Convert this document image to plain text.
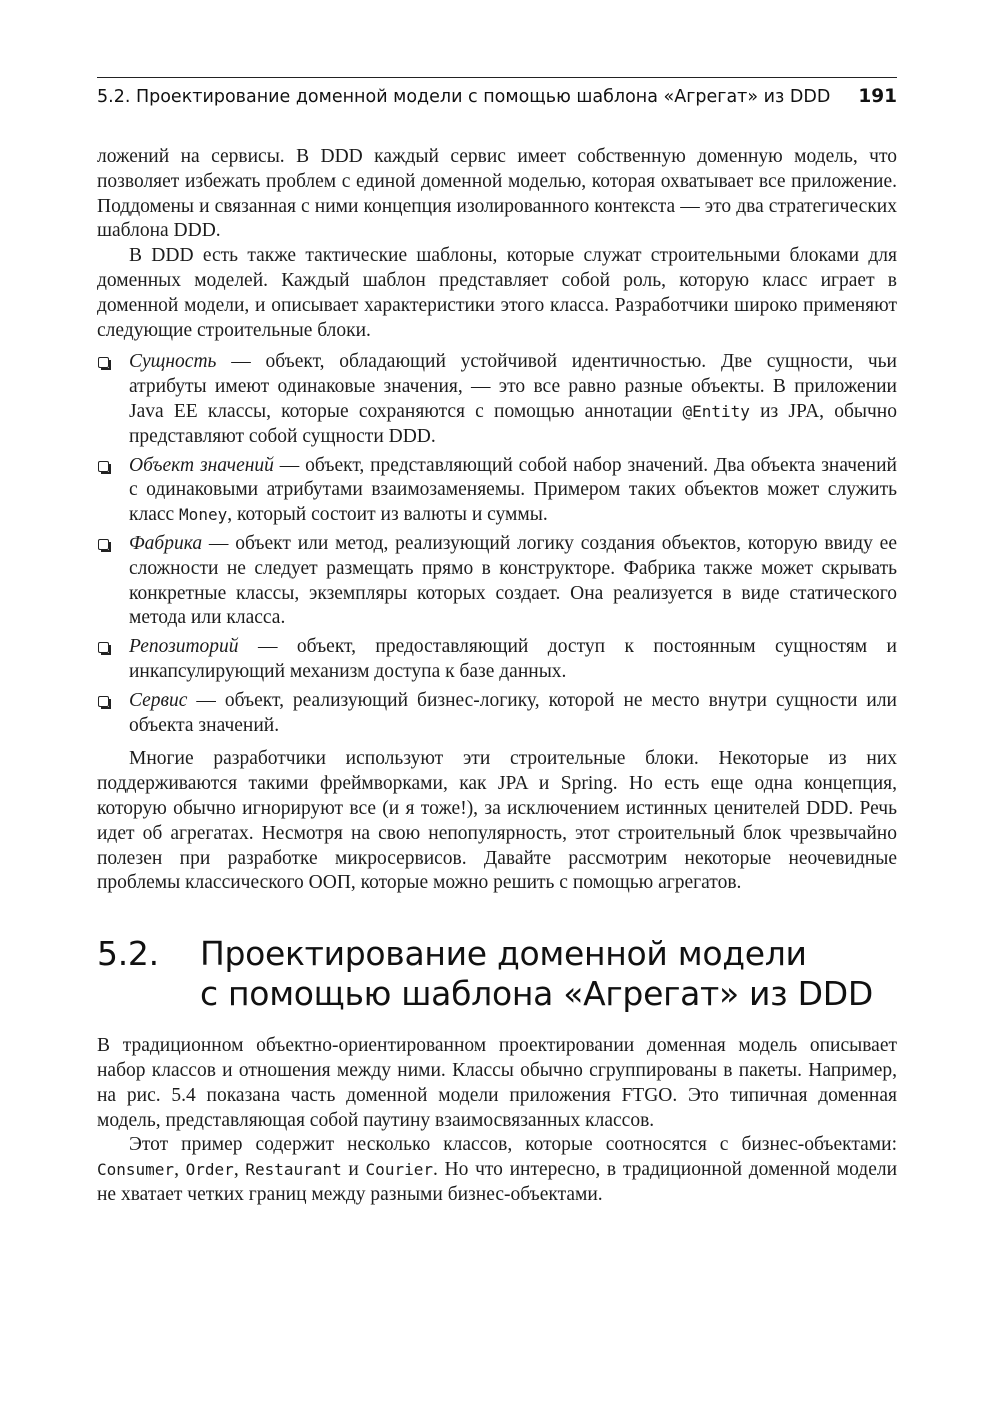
5.2. Проектирование доменной модели с помощью шаблона «Агрегат» из DDD 191

ложений на сервисы. В DDD каждый сервис имеет собственную доменную модель, что позволяет избежать проблем с единой доменной моделью, которая охватывает все приложение. Поддомены и связанная с ними концепция изолированного контекста — это два стратегических шаблона DDD.

В DDD есть также тактические шаблоны, которые служат строительными блоками для доменных моделей. Каждый шаблон представляет собой роль, которую класс играет в доменной модели, и описывает характеристики этого класса. Разработчики широко применяют следующие строительные блоки.

Сущность — объект, обладающий устойчивой идентичностью. Две сущности, чьи атрибуты имеют одинаковые значения, — это все равно разные объекты. В приложении Java EE классы, которые сохраняются с помощью аннотации @Entity из JPA, обычно представляют собой сущности DDD.
Объект значений — объект, представляющий собой набор значений. Два объекта значений с одинаковыми атрибутами взаимозаменяемы. Примером таких объектов может служить класс Money, который состоит из валюты и суммы.
Фабрика — объект или метод, реализующий логику создания объектов, которую ввиду ее сложности не следует размещать прямо в конструкторе. Фабрика также может скрывать конкретные классы, экземпляры которых создает. Она реализуется в виде статического метода или класса.
Репозиторий — объект, предоставляющий доступ к постоянным сущностям и инкапсулирующий механизм доступа к базе данных.
Сервис — объект, реализующий бизнес-логику, которой не место внутри сущности или объекта значений.

Многие разработчики используют эти строительные блоки. Некоторые из них поддерживаются такими фреймворками, как JPA и Spring. Но есть еще одна концепция, которую обычно игнорируют все (и я тоже!), за исключением истинных ценителей DDD. Речь идет об агрегатах. Несмотря на свою непопулярность, этот строительный блок чрезвычайно полезен при разработке микросервисов. Давайте рассмотрим некоторые неочевидные проблемы классического ООП, которые можно решить с помощью агрегатов.

5.2.	Проектирование доменной модели
с помощью шаблона «Агрегат» из DDD

В традиционном объектно-ориентированном проектировании доменная модель описывает набор классов и отношения между ними. Классы обычно сгруппированы в пакеты. Например, на рис. 5.4 показана часть доменной модели приложения FTGO. Это типичная доменная модель, представляющая собой паутину взаимосвязанных классов.

Этот пример содержит несколько классов, которые соотносятся с бизнес-объектами: Consumer, Order, Restaurant и Courier. Но что интересно, в традиционной доменной модели не хватает четких границ между разными бизнес-объектами.
